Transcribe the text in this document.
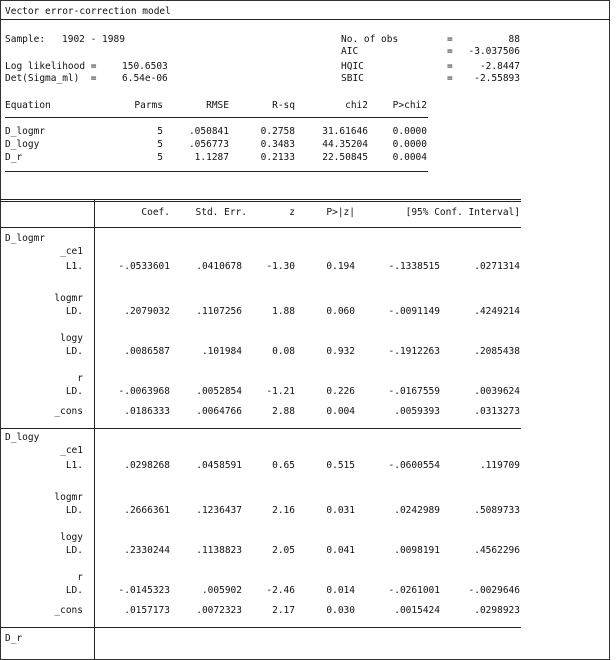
Vector error-correction model
Sample: 1902 - 1989
Log likelihood =	150.6503
Det(Sigma_ml)  =	6.54e-06
No. of obs	=	88
AIC	=	-3.037506
HQIC	=	-2.8447
SBIC	=	-2.55893
Equation	Parms	RMSE	R-sq	chi2	P>chi2
D_logmr	5	.050841	0.2758	31.61646	0.0000
D_logy	5	.056773	0.3483	44.35204	0.0000
D_r	5	1.1287	0.2133	22.50845	0.0004
Coef.	Std. Err.	z	P>|z|	[95% Conf. Interval]
D_logmr
_ce1
L1.	-.0533601	.0410678	-1.30	0.194	-.1338515	.0271314
logmr
LD.	.2079032	.1107256	1.88	0.060	-.0091149	.4249214
logy
LD.	.0086587	.101984	0.08	0.932	-.1912263	.2085438
r
LD.	-.0063968	.0052854	-1.21	0.226	-.0167559	.0039624
_cons	.0186333	.0064766	2.88	0.004	.0059393	.0313273
D_logy
_ce1
L1.	.0298268	.0458591	0.65	0.515	-.0600554	.119709
logmr
LD.	.2666361	.1236437	2.16	0.031	.0242989	.5089733
logy
LD.	.2330244	.1138823	2.05	0.041	.0098191	.4562296
r
LD.	-.0145323	.005902	-2.46	0.014	-.0261001	-.0029646
_cons	.0157173	.0072323	2.17	0.030	.0015424	.0298923
D_r
